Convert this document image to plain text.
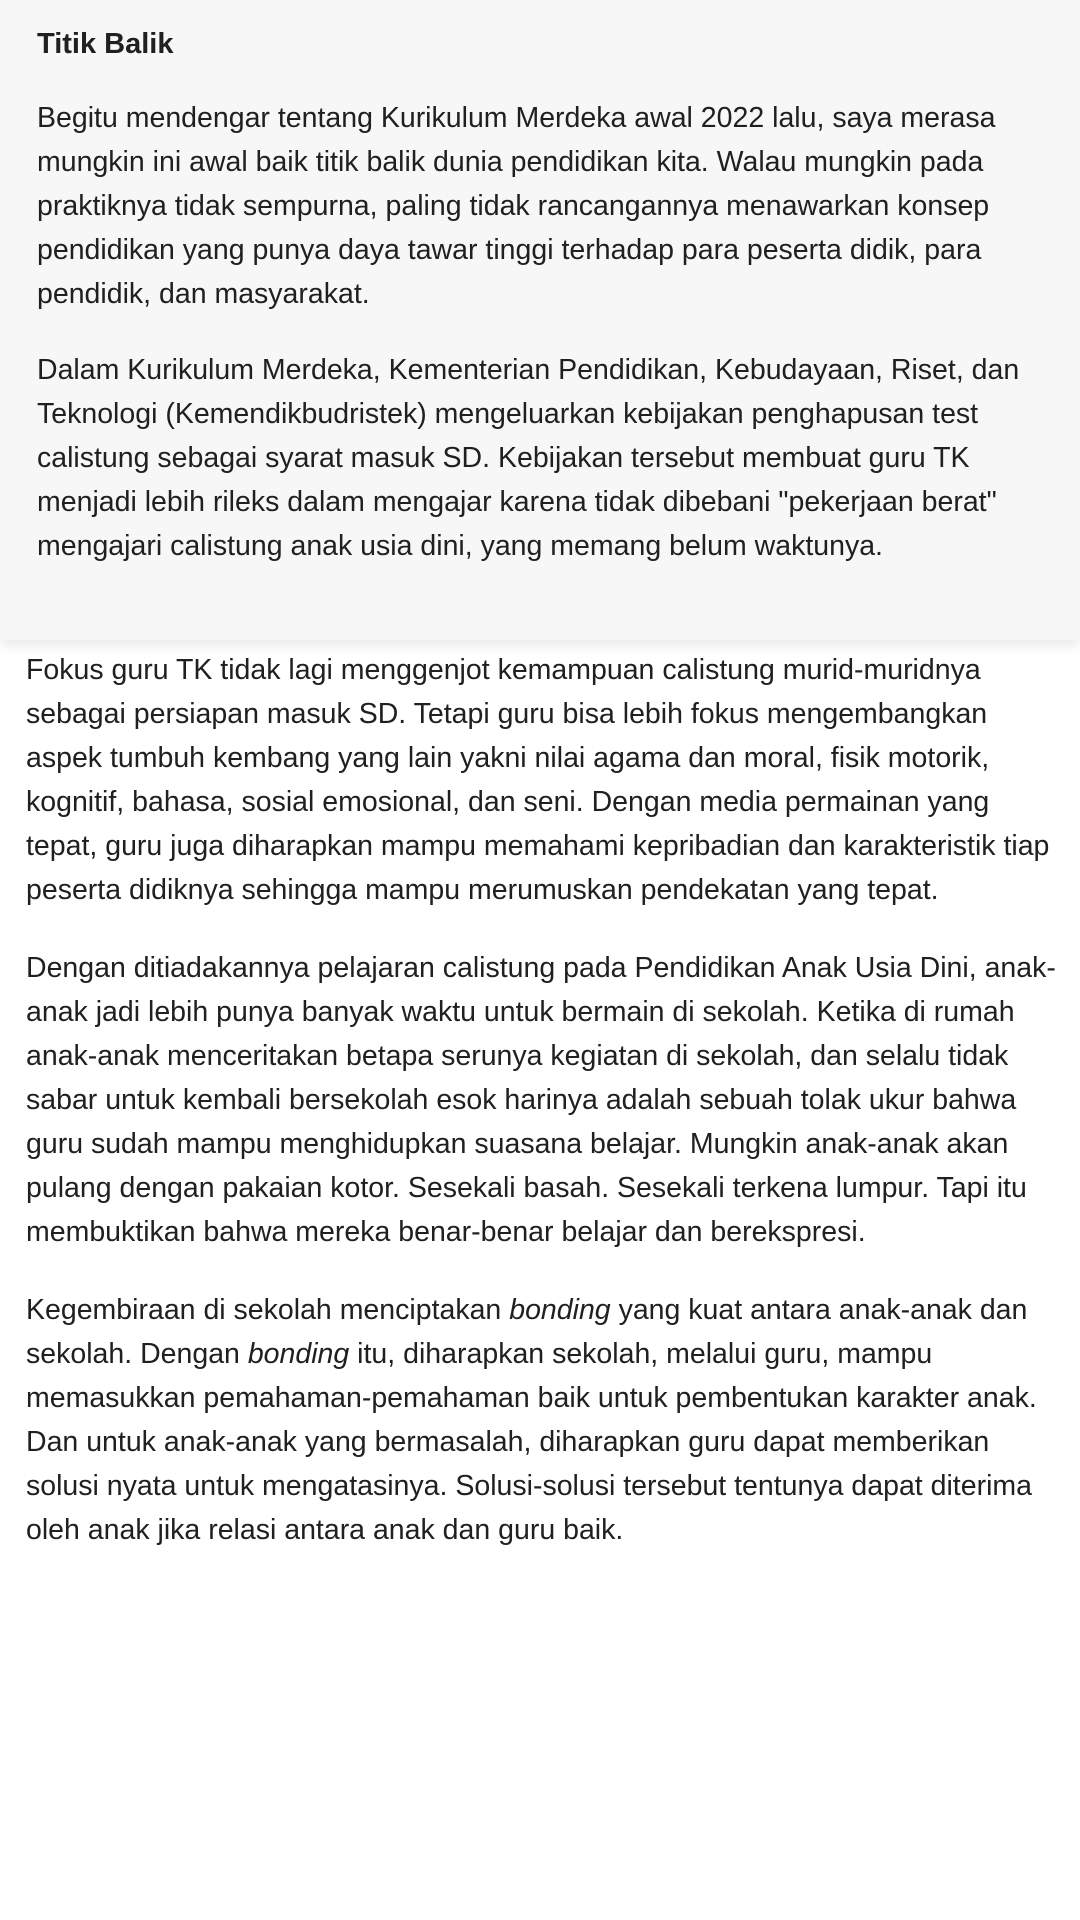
Titik Balik

Begitu mendengar tentang Kurikulum Merdeka awal 2022 lalu, saya merasa mungkin ini awal baik titik balik dunia pendidikan kita. Walau mungkin pada praktiknya tidak sempurna, paling tidak rancangannya menawarkan konsep pendidikan yang punya daya tawar tinggi terhadap para peserta didik, para pendidik, dan masyarakat.

Dalam Kurikulum Merdeka, Kementerian Pendidikan, Kebudayaan, Riset, dan Teknologi (Kemendikbudristek) mengeluarkan kebijakan penghapusan test calistung sebagai syarat masuk SD. Kebijakan tersebut membuat guru TK menjadi lebih rileks dalam mengajar karena tidak dibebani "pekerjaan berat" mengajari calistung anak usia dini, yang memang belum waktunya.

Fokus guru TK tidak lagi menggenjot kemampuan calistung murid-muridnya sebagai persiapan masuk SD. Tetapi guru bisa lebih fokus mengembangkan aspek tumbuh kembang yang lain yakni nilai agama dan moral, fisik motorik, kognitif, bahasa, sosial emosional, dan seni. Dengan media permainan yang tepat, guru juga diharapkan mampu memahami kepribadian dan karakteristik tiap peserta didiknya sehingga mampu merumuskan pendekatan yang tepat.

Dengan ditiadakannya pelajaran calistung pada Pendidikan Anak Usia Dini, anak-anak jadi lebih punya banyak waktu untuk bermain di sekolah. Ketika di rumah anak-anak menceritakan betapa serunya kegiatan di sekolah, dan selalu tidak sabar untuk kembali bersekolah esok harinya adalah sebuah tolak ukur bahwa guru sudah mampu menghidupkan suasana belajar. Mungkin anak-anak akan pulang dengan pakaian kotor. Sesekali basah. Sesekali terkena lumpur. Tapi itu membuktikan bahwa mereka benar-benar belajar dan berekspresi.

Kegembiraan di sekolah menciptakan bonding yang kuat antara anak-anak dan sekolah. Dengan bonding itu, diharapkan sekolah, melalui guru, mampu memasukkan pemahaman-pemahaman baik untuk pembentukan karakter anak. Dan untuk anak-anak yang bermasalah, diharapkan guru dapat memberikan solusi nyata untuk mengatasinya. Solusi-solusi tersebut tentunya dapat diterima oleh anak jika relasi antara anak dan guru baik.
